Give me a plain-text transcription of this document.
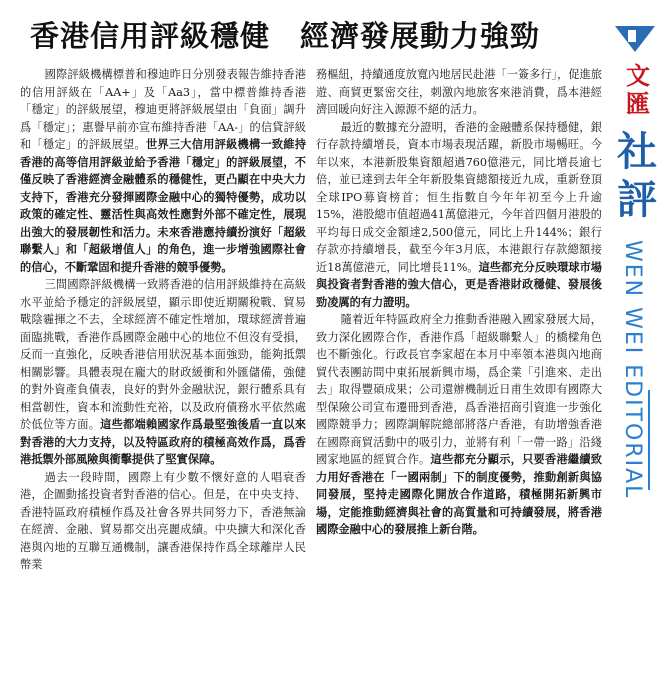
香港信用評級穩健　經濟發展動力強勁

國際評級機構標普和穆迪昨日分別發表報告維持香港的信用評級在「AA+」及「Aa3」，當中標普維持香港「穩定」的評級展望，穆迪更將評級展望由「負面」調升爲「穩定」；惠譽早前亦宣布維持香港「AA-」的信貸評級和「穩定」的評級展望。世界三大信用評級機構一致維持香港的高等信用評級並給予香港「穩定」的評級展望，不僅反映了香港經濟金融體系的穩健性，更凸顯在中央大力支持下，香港充分發揮國際金融中心的獨特優勢，成功以政策的確定性、靈活性與高效性應對外部不確定性，展現出強大的發展韌性和活力。未來香港應持續扮演好「超級聯繫人」和「超級增值人」的角色，進一步增強國際社會的信心，不斷鞏固和提升香港的競爭優勢。

三間國際評級機構一致將香港的信用評級維持在高級水平並給予穩定的評級展望，顯示即使近期關稅戰、貿易戰陰霾揮之不去，全球經濟不確定性增加，環球經濟普遍面臨挑戰，香港作爲國際金融中心的地位不但沒有受損，反而一直強化，反映香港信用狀況基本面強勁，能夠抵禦相關影響。具體表現在龐大的財政緩衝和外匯儲備，強健的對外資產負債表，良好的對外金融狀況，銀行體系具有相當韌性，資本和流動性充裕，以及政府債務水平依然處於低位等方面。這些都端賴國家作爲最堅強後盾一直以來對香港的大力支持，以及特區政府的積極高效作爲，爲香港抵禦外部風險與衝擊提供了堅實保障。

過去一段時間，國際上有少數不懷好意的人唱衰香港，企圖動搖投資者對香港的信心。但是，在中央支持、香港特區政府積極作爲及社會各界共同努力下，香港無論在經濟、金融、貿易都交出亮麗成績。中央擴大和深化香港與內地的互聯互通機制，讓香港保持作爲全球離岸人民幣業

務樞紐，持續通度放寬內地居民赴港「一簽多行」，促進旅遊、商貿更緊密交往，刺激內地旅客來港消費，爲本港經濟回暖向好注入源源不絕的活力。

最近的數據充分證明，香港的金融體系保持穩健，銀行存款持續增長，資本市場表現活躍，新股市場暢旺。今年以來，本港新股集資額超過760億港元，同比增長逾七倍，並已達到去年全年新股集資總額接近九成，重新登頂全球IPO募資榜首；恒生指數自今年年初至今上升逾15%，港股總市值超過41萬億港元，今年首四個月港股的平均每日成交金額達2,500億元，同比上升144%；銀行存款亦持續增長，截至今年3月底，本港銀行存款總額接近18萬億港元，同比增長11%。這些都充分反映環球市場與投資者對香港的強大信心，更是香港財政穩健、發展後勁凌厲的有力證明。

隨着近年特區政府全力推動香港融入國家發展大局，致力深化國際合作，香港作爲「超級聯繫人」的橋樑角色也不斷強化。行政長官李家超在本月中率領本港與內地商貿代表團訪問中東拓展新興市場，爲企業「引進來、走出去」取得豐碩成果；公司還辦機制近日甫生效即有國際大型保險公司宣布遷冊到香港，爲香港招商引資進一步強化國際競爭力；國際調解院總部將落户香港，有助增強香港在國際商貿活動中的吸引力，並將有利「一帶一路」沿綫國家地區的經貿合作。這些都充分顯示，只要香港繼續致力用好香港在「一國兩制」下的制度優勢，推動創新與協同發展，堅持走國際化開放合作道路，積極開拓新興市場，定能推動經濟與社會的高質量和可持續發展，將香港國際金融中心的發展推上新台階。

文
匯
社
評
WEN WEI EDITORIAL
